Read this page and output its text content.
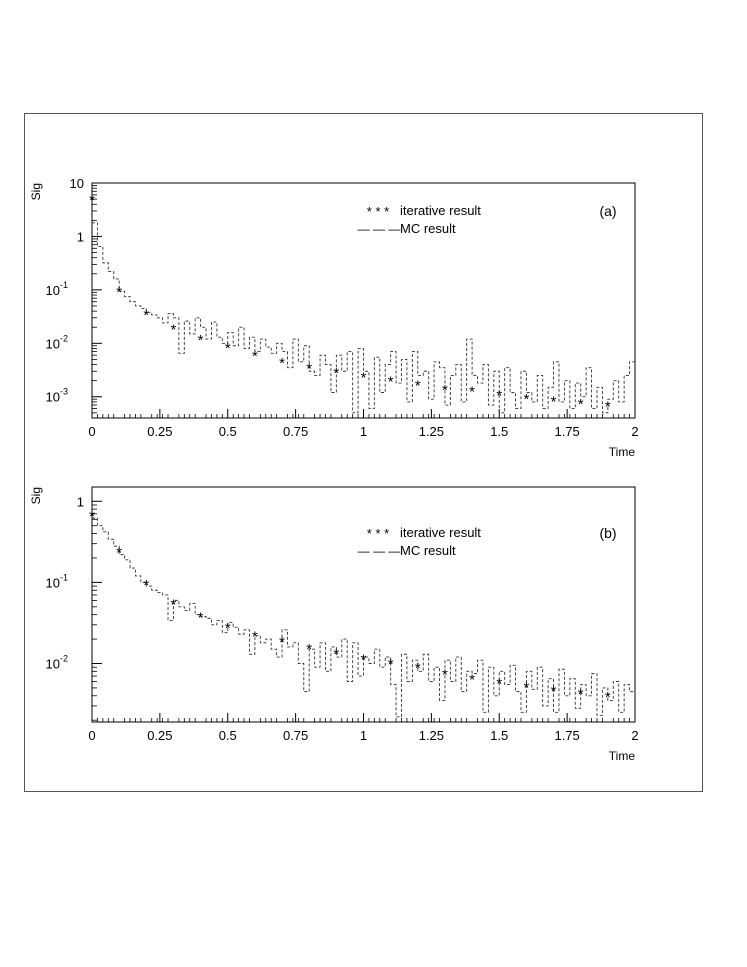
0	0.25	0.5	0.75	1	1.25	1.5	1.75	2
Time
10
1
$10^{-1}$
$10^{-2}$
$10^{-3}$
Sig
*
*
*
*
* * * * * * * * * * * * * * * *
* * * iterative result
— — — MC result
(a)
0	0.25	0.5	0.75	1	1.25	1.5	1.75	2
Time
1
$10^{-1}$
$10^{-2}$
Sig
*
*
*
*
*
* * * * * * * * * * * * * * *
* * * iterative result
— — — MC result
(b)
